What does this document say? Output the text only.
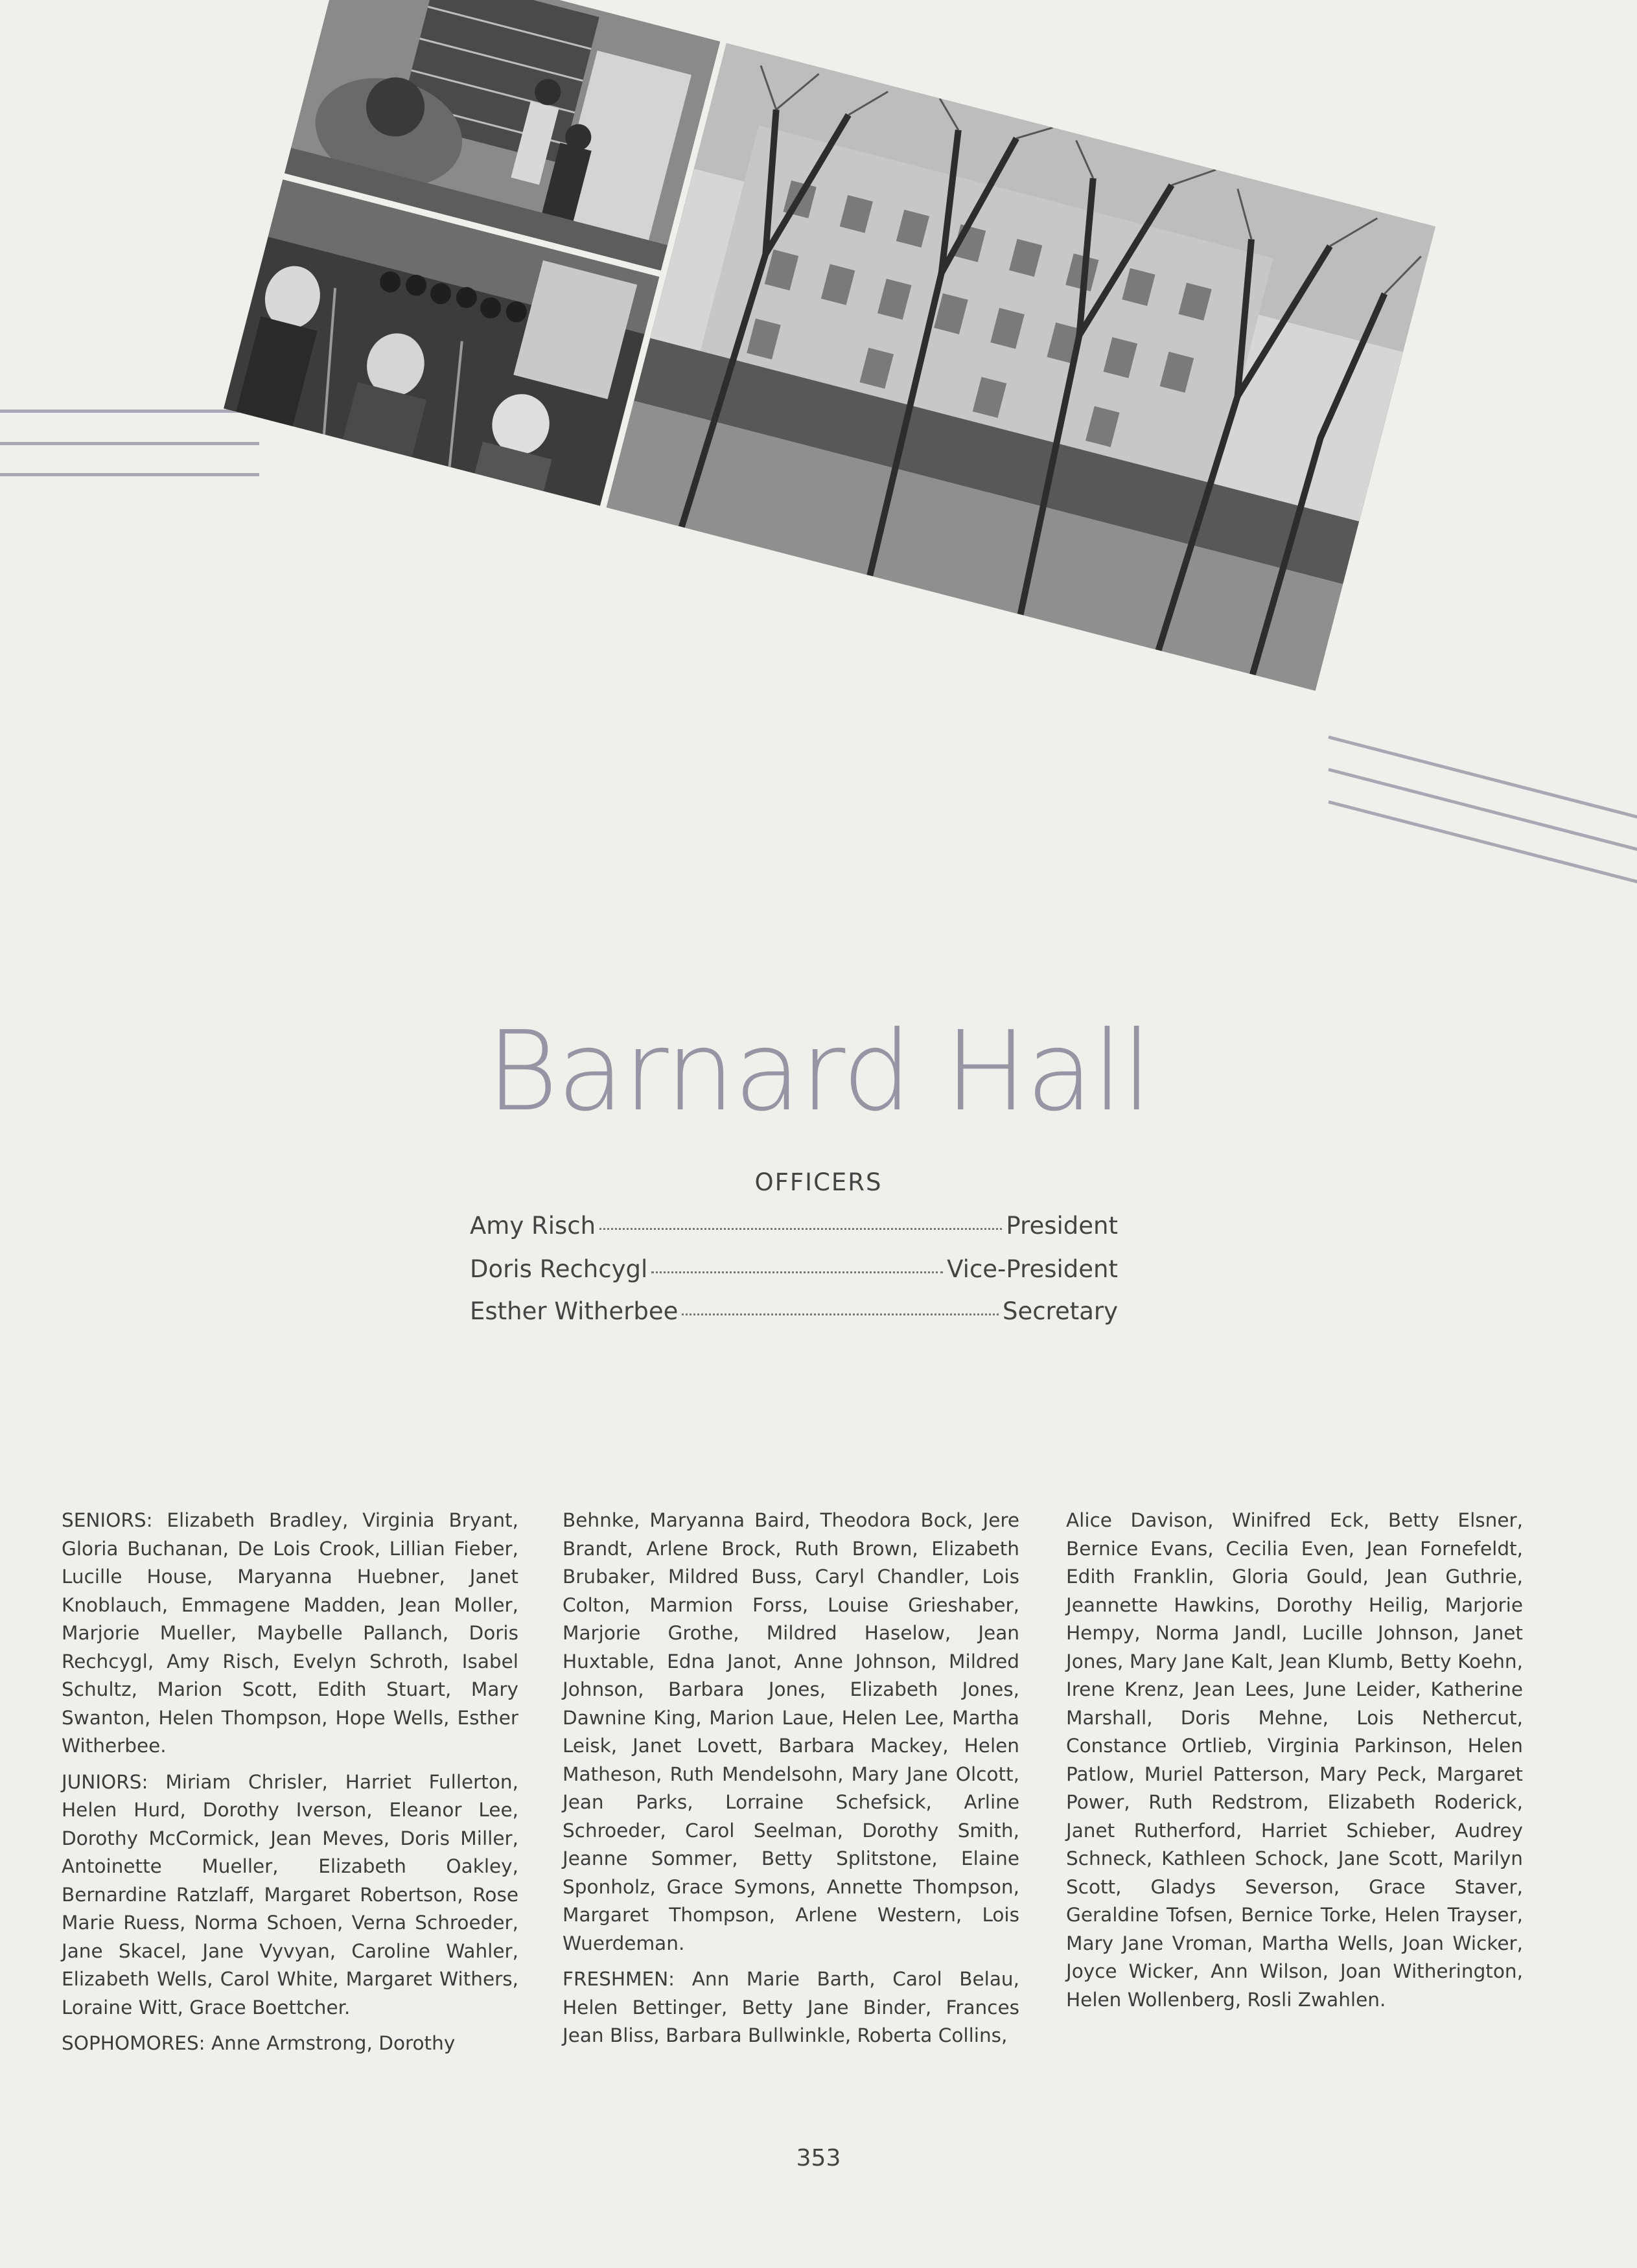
Barnard Hall
OFFICERS
Amy Risch	President
Doris Rechcygl	Vice-President
Esther Witherbee	Secretary

SENIORS: Elizabeth Bradley, Virginia Bryant, Gloria Buchanan, De Lois Crook, Lillian Fieber, Lucille House, Maryanna Huebner, Janet Knoblauch, Emmagene Madden, Jean Moller, Marjorie Mueller, Maybelle Pallanch, Doris Rechcygl, Amy Risch, Evelyn Schroth, Isabel Schultz, Marion Scott, Edith Stuart, Mary Swanton, Helen Thompson, Hope Wells, Esther Witherbee.

JUNIORS: Miriam Chrisler, Harriet Fullerton, Helen Hurd, Dorothy Iverson, Eleanor Lee, Dorothy McCormick, Jean Meves, Doris Miller, Antoinette Mueller, Elizabeth Oakley, Bernardine Ratzlaff, Margaret Robertson, Rose Marie Ruess, Norma Schoen, Verna Schroeder, Jane Skacel, Jane Vyvyan, Caroline Wahler, Elizabeth Wells, Carol White, Margaret Withers, Loraine Witt, Grace Boettcher.

SOPHOMORES: Anne Armstrong, Dorothy

Behnke, Maryanna Baird, Theodora Bock, Jere Brandt, Arlene Brock, Ruth Brown, Elizabeth Brubaker, Mildred Buss, Caryl Chandler, Lois Colton, Marmion Forss, Louise Grieshaber, Marjorie Grothe, Mildred Haselow, Jean Huxtable, Edna Janot, Anne Johnson, Mildred Johnson, Barbara Jones, Elizabeth Jones, Dawnine King, Marion Laue, Helen Lee, Martha Leisk, Janet Lovett, Barbara Mackey, Helen Matheson, Ruth Mendelsohn, Mary Jane Olcott, Jean Parks, Lorraine Schefsick, Arline Schroeder, Carol Seelman, Dorothy Smith, Jeanne Sommer, Betty Splitstone, Elaine Sponholz, Grace Symons, Annette Thompson, Margaret Thompson, Arlene Western, Lois Wuerdeman.

FRESHMEN: Ann Marie Barth, Carol Belau, Helen Bettinger, Betty Jane Binder, Frances Jean Bliss, Barbara Bullwinkle, Roberta Collins,

Alice Davison, Winifred Eck, Betty Elsner, Bernice Evans, Cecilia Even, Jean Fornefeldt, Edith Franklin, Gloria Gould, Jean Guthrie, Jeannette Hawkins, Dorothy Heilig, Marjorie Hempy, Norma Jandl, Lucille Johnson, Janet Jones, Mary Jane Kalt, Jean Klumb, Betty Koehn, Irene Krenz, Jean Lees, June Leider, Katherine Marshall, Doris Mehne, Lois Nethercut, Constance Ortlieb, Virginia Parkinson, Helen Patlow, Muriel Patterson, Mary Peck, Margaret Power, Ruth Redstrom, Elizabeth Roderick, Janet Rutherford, Harriet Schieber, Audrey Schneck, Kathleen Schock, Jane Scott, Marilyn Scott, Gladys Severson, Grace Staver, Geraldine Tofsen, Bernice Torke, Helen Trayser, Mary Jane Vroman, Martha Wells, Joan Wicker, Joyce Wicker, Ann Wilson, Joan Witherington, Helen Wollenberg, Rosli Zwahlen.

353
